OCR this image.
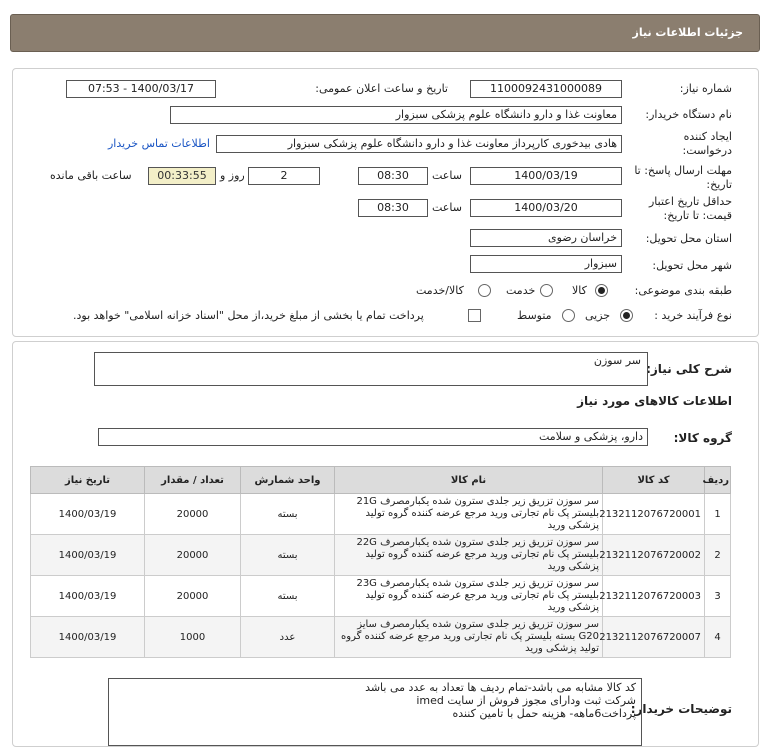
جزئیات اطلاعات نیاز
شماره نیاز:
1100092431000089
تاریخ و ساعت اعلان عمومی:
1400/03/17 - 07:53
نام دستگاه خریدار:
معاونت غذا و دارو دانشگاه علوم پزشکی سبزوار
ایجاد کننده درخواست:
هادی بیدخوری کارپرداز معاونت غذا و دارو دانشگاه علوم پزشکی سبزوار
اطلاعات تماس خریدار
مهلت ارسال پاسخ: تا تاریخ:
1400/03/19
ساعت
08:30
2
روز و
00:33:55
ساعت باقی مانده
حداقل تاریخ اعتبار قیمت: تا تاریخ:
1400/03/20
ساعت
08:30
استان محل تحویل:
خراسان رضوی
شهر محل تحویل:
سبزوار
طبقه بندی موضوعی:
کالا
خدمت
کالا/خدمت
نوع فرآیند خرید :
جزیی
متوسط
پرداخت تمام یا بخشی از مبلغ خرید،از محل "اسناد خزانه اسلامی" خواهد بود.
شرح کلی نیاز:
سر سوزن
اطلاعات کالاهای مورد نیاز
گروه کالا:
دارو، پزشکی و سلامت
ردیف	کد کالا	نام کالا	واحد شمارش	تعداد / مقدار	تاریخ نیاز
1	2132112076720001	سر سوزن تزریق زیر جلدی سترون شده یکبارمصرف 21G بلیستر پک نام تجارتی ورید مرجع عرضه کننده گروه تولید پزشکی ورید	بسته	20000	1400/03/19
2	2132112076720002	سر سوزن تزریق زیر جلدی سترون شده یکبارمصرف 22G بلیستر پک نام تجارتی ورید مرجع عرضه کننده گروه تولید پزشکی ورید	بسته	20000	1400/03/19
3	2132112076720003	سر سوزن تزریق زیر جلدی سترون شده یکبارمصرف 23G بلیستر پک نام تجارتی ورید مرجع عرضه کننده گروه تولید پزشکی ورید	بسته	20000	1400/03/19
4	2132112076720007	سر سوزن تزریق زیر جلدی سترون شده یکبارمصرف سایز G20 بسته بلیستر پک نام تجارتی ورید مرجع عرضه کننده گروه تولید پزشکی ورید	عدد	1000	1400/03/19
توضیحات خریدار:
کد کالا مشابه می باشد-تمام ردیف ها تعداد به عدد می باشد
شرکت ثبت ودارای مجوز فروش از سایت imed
پرداخت6ماهه- هزینه حمل با تامین کننده
